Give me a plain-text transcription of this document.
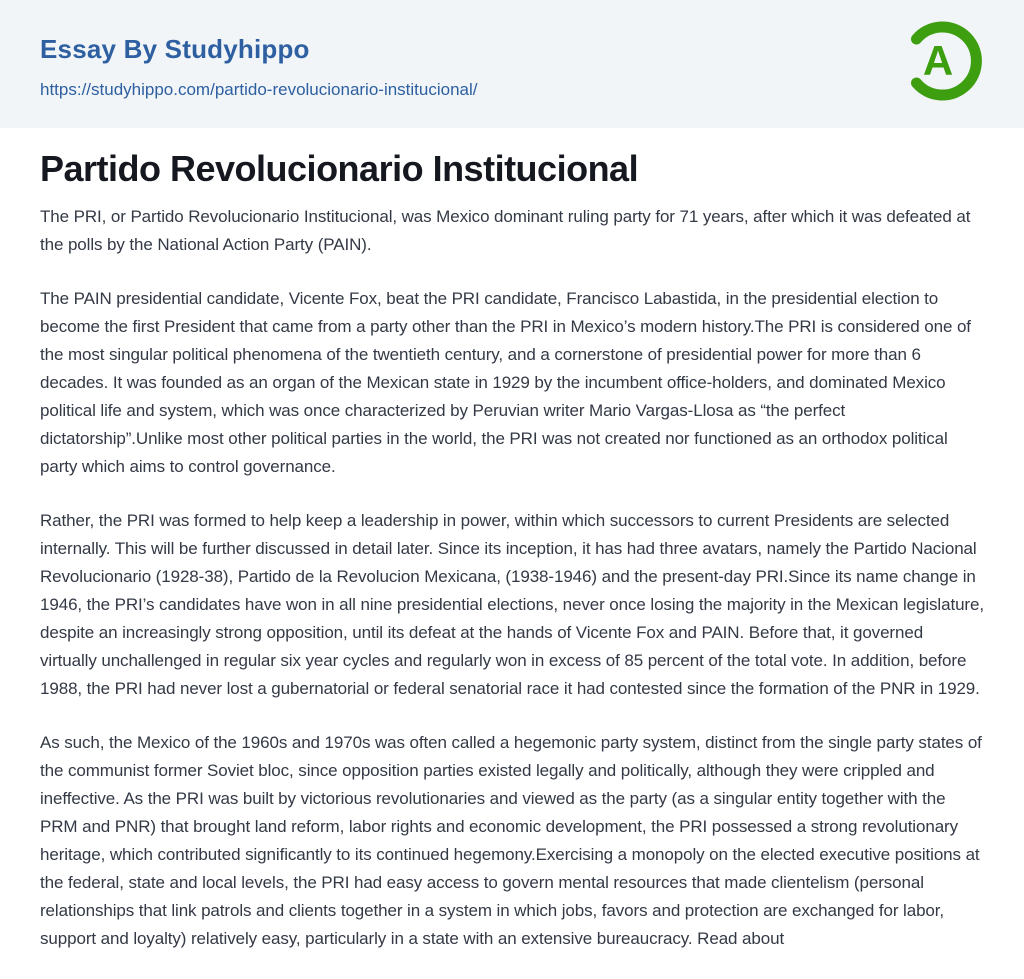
Essay By Studyhippo
https://studyhippo.com/partido-revolucionario-institucional/
A
Partido Revolucionario Institucional

The PRI, or Partido Revolucionario Institucional, was Mexico dominant ruling party for 71 years, after which it was defeated at the polls by the National Action Party (PAIN).

The PAIN presidential candidate, Vicente Fox, beat the PRI candidate, Francisco Labastida, in the presidential election to become the first President that came from a party other than the PRI in Mexico’s modern history.The PRI is considered one of the most singular political phenomena of the twentieth century, and a cornerstone of presidential power for more than 6 decades. It was founded as an organ of the Mexican state in 1929 by the incumbent office-holders, and dominated Mexico political life and system, which was once characterized by Peruvian writer Mario Vargas-Llosa as “the perfect dictatorship”.Unlike most other political parties in the world, the PRI was not created nor functioned as an orthodox political party which aims to control governance.

Rather, the PRI was formed to help keep a leadership in power, within which successors to current Presidents are selected internally. This will be further discussed in detail later. Since its inception, it has had three avatars, namely the Partido Nacional Revolucionario (1928-38), Partido de la Revolucion Mexicana, (1938-1946) and the present-day PRI.Since its name change in 1946, the PRI’s candidates have won in all nine presidential elections, never once losing the majority in the Mexican legislature, despite an increasingly strong opposition, until its defeat at the hands of Vicente Fox and PAIN. Before that, it governed virtually unchallenged in regular six year cycles and regularly won in excess of 85 percent of the total vote. In addition, before 1988, the PRI had never lost a gubernatorial or federal senatorial race it had contested since the formation of the PNR in 1929.

As such, the Mexico of the 1960s and 1970s was often called a hegemonic party system, distinct from the single party states of the communist former Soviet bloc, since opposition parties existed legally and politically, although they were crippled and ineffective. As the PRI was built by victorious revolutionaries and viewed as the party (as a singular entity together with the PRM and PNR) that brought land reform, labor rights and economic development, the PRI possessed a strong revolutionary heritage, which contributed significantly to its continued hegemony.Exercising a monopoly on the elected executive positions at the federal, state and local levels, the PRI had easy access to govern mental resources that made clientelism (personal relationships that link patrols and clients together in a system in which jobs, favors and protection are exchanged for labor, support and loyalty) relatively easy, particularly in a state with an extensive bureaucracy. Read about
